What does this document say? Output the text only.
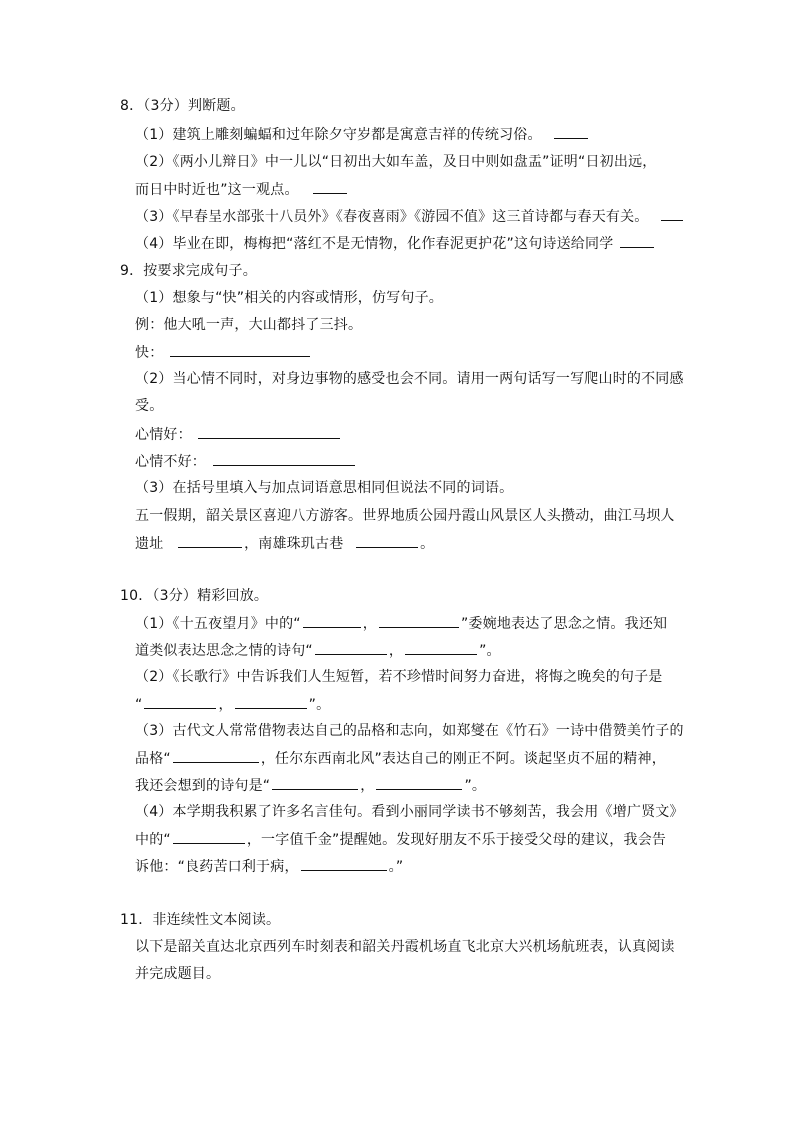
8．（3分）判断题。
（1）建筑上雕刻蝙蝠和过年除夕守岁都是寓意吉祥的传统习俗。
（2）《两小儿辩日》中一儿以“日初出大如车盖，及日中则如盘盂”证明“日初出远，
而日中时近也”这一观点。
（3）《早春呈水部张十八员外》《春夜喜雨》《游园不值》这三首诗都与春天有关。
（4）毕业在即，梅梅把“落红不是无情物，化作春泥更护花”这句诗送给同学
9．按要求完成句子。
（1）想象与“快”相关的内容或情形，仿写句子。
例：他大吼一声，大山都抖了三抖。
快：
（2）当心情不同时，对身边事物的感受也会不同。请用一两句话写一写爬山时的不同感
受。
心情好：
心情不好：
（3）在括号里填入与加点词语意思相同但说法不同的词语。
五一假期，韶关景区喜迎八方游客。世界地质公园丹霞山风景区人头攒动，曲江马坝人
遗址	，南雄珠玑古巷	。
10．（3分）精彩回放。
（1）《十五夜望月》中的“	，	”委婉地表达了思念之情。我还知
道类似表达思念之情的诗句“	，	”。
（2）《长歌行》中告诉我们人生短暂，若不珍惜时间努力奋进，将悔之晚矣的句子是
“	，	”。
（3）古代文人常常借物表达自己的品格和志向，如郑燮在《竹石》一诗中借赞美竹子的
品格“	，任尔东西南北风”表达自己的刚正不阿。谈起坚贞不屈的精神，
我还会想到的诗句是“	，	”。
（4）本学期我积累了许多名言佳句。看到小丽同学读书不够刻苦，我会用《增广贤文》
中的“	，一字值千金”提醒她。发现好朋友不乐于接受父母的建议，我会告
诉他：“良药苦口利于病，	。”
11．非连续性文本阅读。
以下是韶关直达北京西列车时刻表和韶关丹霞机场直飞北京大兴机场航班表，认真阅读
并完成题目。
